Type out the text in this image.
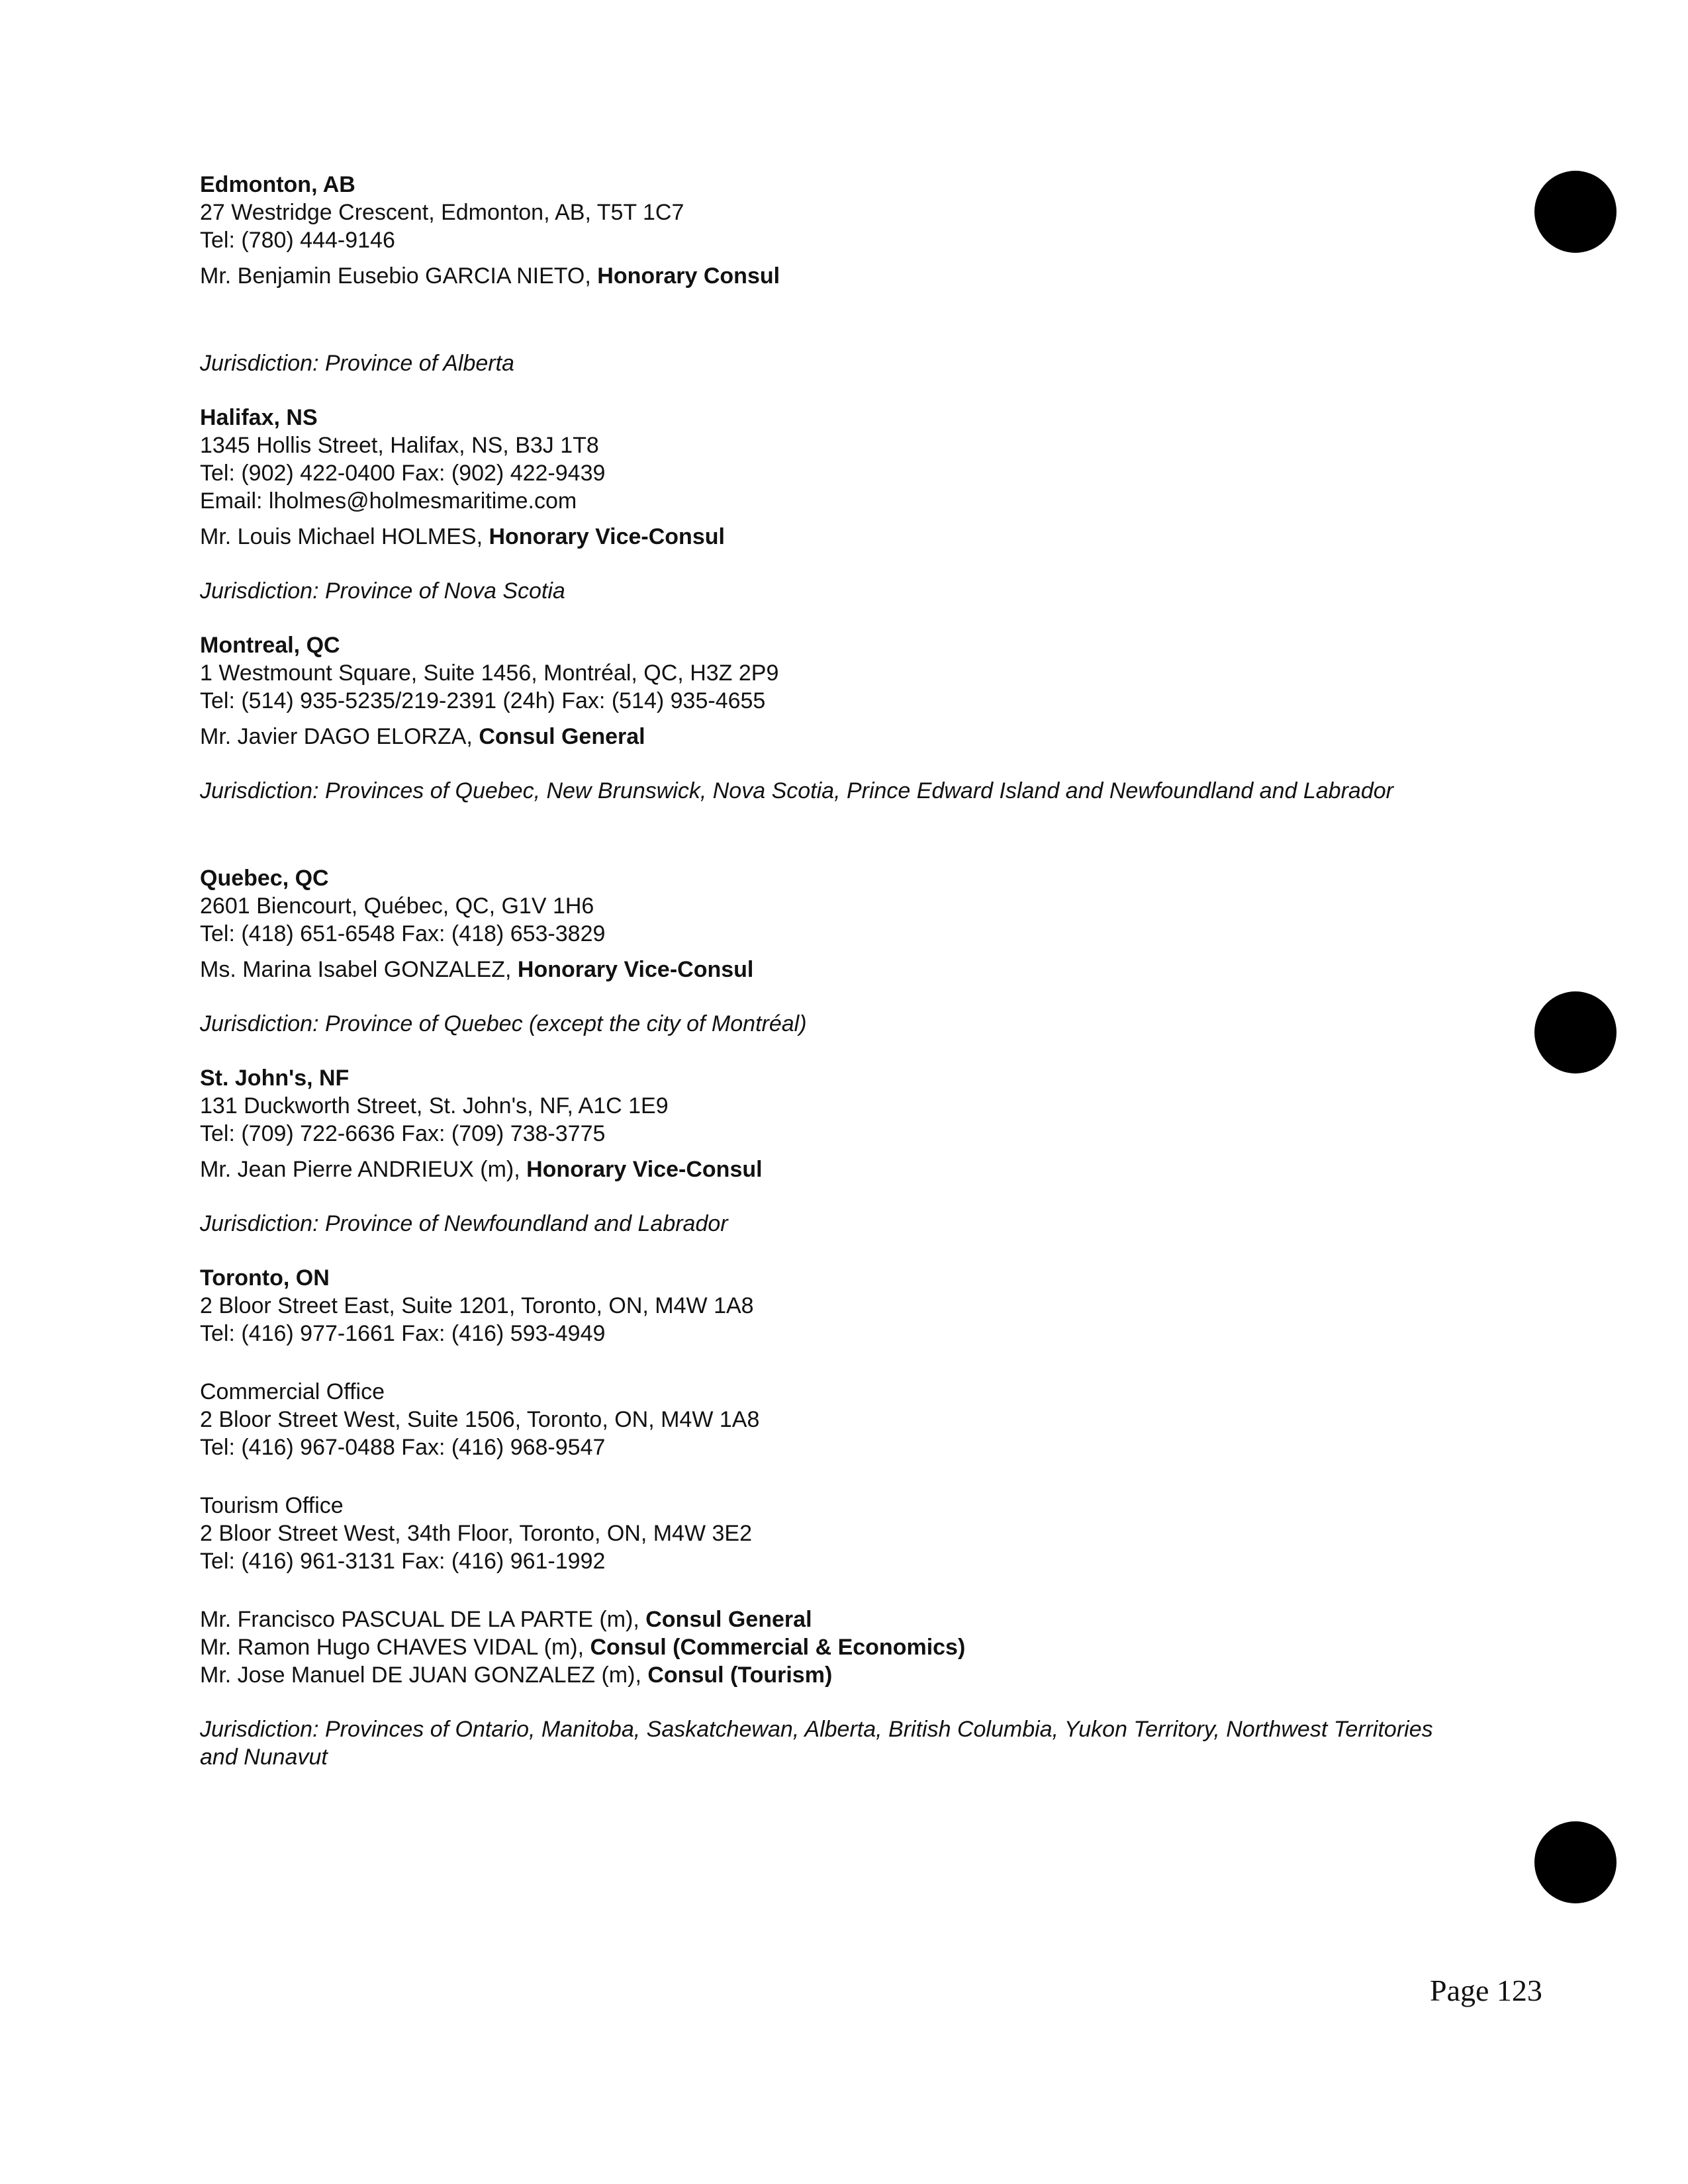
Edmonton, AB

27 Westridge Crescent, Edmonton, AB, T5T 1C7

Tel: (780) 444-9146

Mr. Benjamin Eusebio GARCIA NIETO, Honorary Consul

Jurisdiction: Province of Alberta

Halifax, NS

1345 Hollis Street, Halifax, NS, B3J 1T8

Tel: (902) 422-0400 Fax: (902) 422-9439

Email: lholmes@holmesmaritime.com

Mr. Louis Michael HOLMES, Honorary Vice-Consul

Jurisdiction: Province of Nova Scotia

Montreal, QC

1 Westmount Square, Suite 1456, Montréal, QC, H3Z 2P9

Tel: (514) 935-5235/219-2391 (24h) Fax: (514) 935-4655

Mr. Javier DAGO ELORZA, Consul General

Jurisdiction: Provinces of Quebec, New Brunswick, Nova Scotia, Prince Edward Island and Newfoundland and Labrador

Quebec, QC

2601 Biencourt, Québec, QC, G1V 1H6

Tel: (418) 651-6548 Fax: (418) 653-3829

Ms. Marina Isabel GONZALEZ, Honorary Vice-Consul

Jurisdiction: Province of Quebec (except the city of Montréal)

St. John's, NF

131 Duckworth Street, St. John's, NF, A1C 1E9

Tel: (709) 722-6636 Fax: (709) 738-3775

Mr. Jean Pierre ANDRIEUX (m), Honorary Vice-Consul

Jurisdiction: Province of Newfoundland and Labrador

Toronto, ON

2 Bloor Street East, Suite 1201, Toronto, ON, M4W 1A8

Tel: (416) 977-1661 Fax: (416) 593-4949

Commercial Office

2 Bloor Street West, Suite 1506, Toronto, ON, M4W 1A8

Tel: (416) 967-0488 Fax: (416) 968-9547

Tourism Office

2 Bloor Street West, 34th Floor, Toronto, ON, M4W 3E2

Tel: (416) 961-3131 Fax: (416) 961-1992

Mr. Francisco PASCUAL DE LA PARTE (m), Consul General

Mr. Ramon Hugo CHAVES VIDAL (m), Consul (Commercial & Economics)

Mr. Jose Manuel DE JUAN GONZALEZ (m), Consul (Tourism)

Jurisdiction: Provinces of Ontario, Manitoba, Saskatchewan, Alberta, British Columbia, Yukon Territory, Northwest Territories and Nunavut

Page 123
